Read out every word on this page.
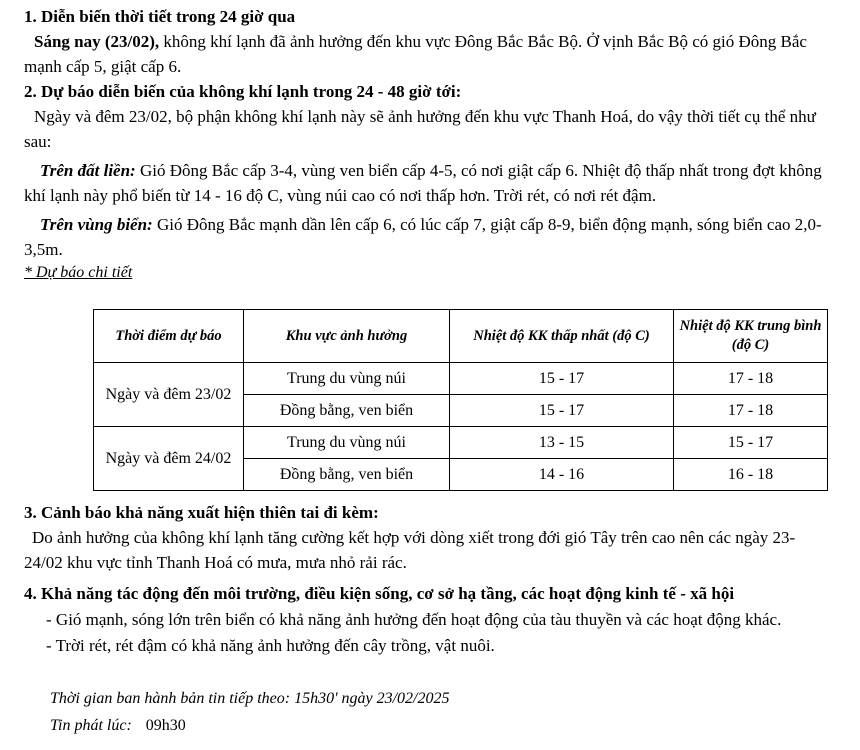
1. Diễn biến thời tiết trong 24 giờ qua

Sáng nay (23/02), không khí lạnh đã ảnh hưởng đến khu vực Đông Bắc Bắc Bộ. Ở vịnh Bắc Bộ có gió Đông Bắc mạnh cấp 5, giật cấp 6.

2. Dự báo diễn biến của không khí lạnh trong 24 - 48 giờ tới:

Ngày và đêm 23/02, bộ phận không khí lạnh này sẽ ảnh hưởng đến khu vực Thanh Hoá, do vậy thời tiết cụ thể như sau:

Trên đất liền: Gió Đông Bắc cấp 3-4, vùng ven biển cấp 4-5, có nơi giật cấp 6. Nhiệt độ thấp nhất trong đợt không khí lạnh này phổ biến từ 14 - 16 độ C, vùng núi cao có nơi thấp hơn. Trời rét, có nơi rét đậm.

Trên vùng biển: Gió Đông Bắc mạnh dần lên cấp 6, có lúc cấp 7, giật cấp 8-9, biển động mạnh, sóng biển cao 2,0-3,5m.

* Dự báo chi tiết

Thời điểm dự báo	Khu vực ảnh hưởng	Nhiệt độ KK thấp nhất (độ C)	Nhiệt độ KK trung bình (độ C)
Ngày và đêm 23/02	Trung du vùng núi	15 - 17	17 - 18
	Đồng bằng, ven biển	15 - 17	17 - 18
Ngày và đêm 24/02	Trung du vùng núi	13 - 15	15 - 17
	Đồng bằng, ven biển	14 - 16	16 - 18

3. Cảnh báo khả năng xuất hiện thiên tai đi kèm:

Do ảnh hưởng của không khí lạnh tăng cường kết hợp với dòng xiết trong đới gió Tây trên cao nên các ngày 23-24/02 khu vực tỉnh Thanh Hoá có mưa, mưa nhỏ rải rác.

4. Khả năng tác động đến môi trường, điều kiện sống, cơ sở hạ tầng, các hoạt động kinh tế - xã hội

- Gió mạnh, sóng lớn trên biển có khả năng ảnh hưởng đến hoạt động của tàu thuyền và các hoạt động khác.

- Trời rét, rét đậm có khả năng ảnh hưởng đến cây trồng, vật nuôi.

Thời gian ban hành bản tin tiếp theo: 15h30' ngày 23/02/2025

Tin phát lúc: 09h30
